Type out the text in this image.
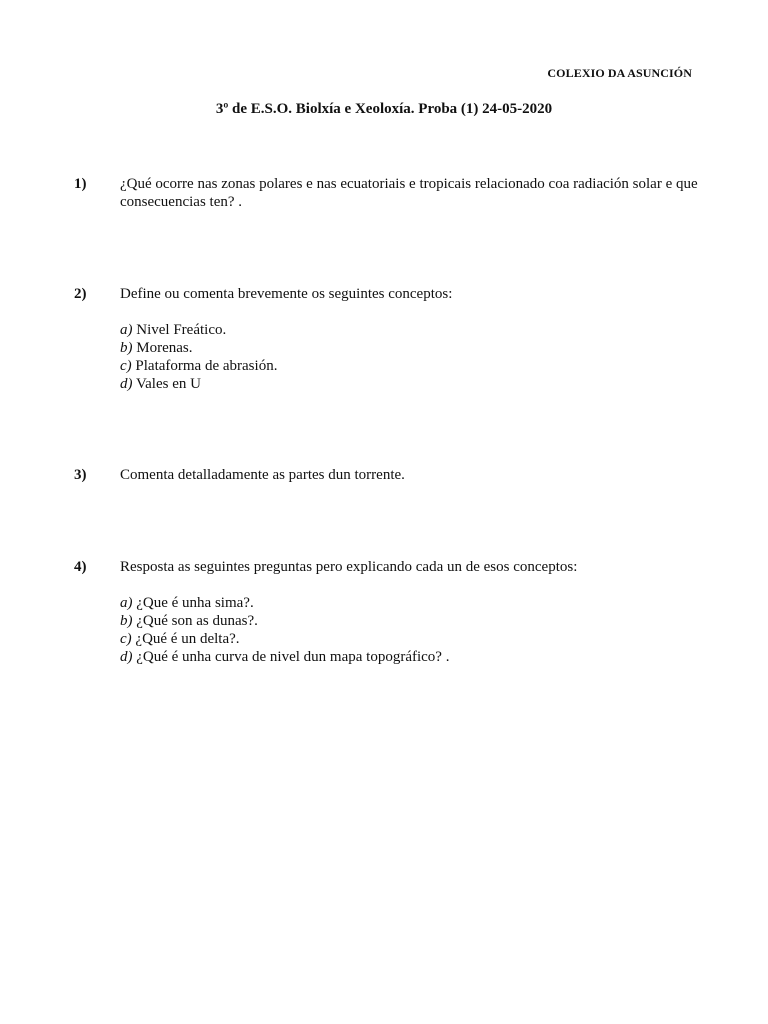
COLEXIO DA ASUNCIÓN
3º de E.S.O. Biolxía e Xeoloxía. Proba (1) 24-05-2020
1) ¿Qué ocorre nas zonas polares e nas ecuatoriais e tropicais relacionado coa radiación solar e que consecuencias ten? .
2) Define ou comenta brevemente os seguintes conceptos:
a) Nivel Freático.
b) Morenas.
c) Plataforma de abrasión.
d) Vales en U
3) Comenta detalladamente as partes dun torrente.
4) Resposta as seguintes preguntas pero explicando cada un de esos conceptos:
a) ¿Que é unha sima?.
b) ¿Qué son as dunas?.
c) ¿Qué é un delta?.
d) ¿Qué é unha curva de nivel dun mapa topográfico? .
